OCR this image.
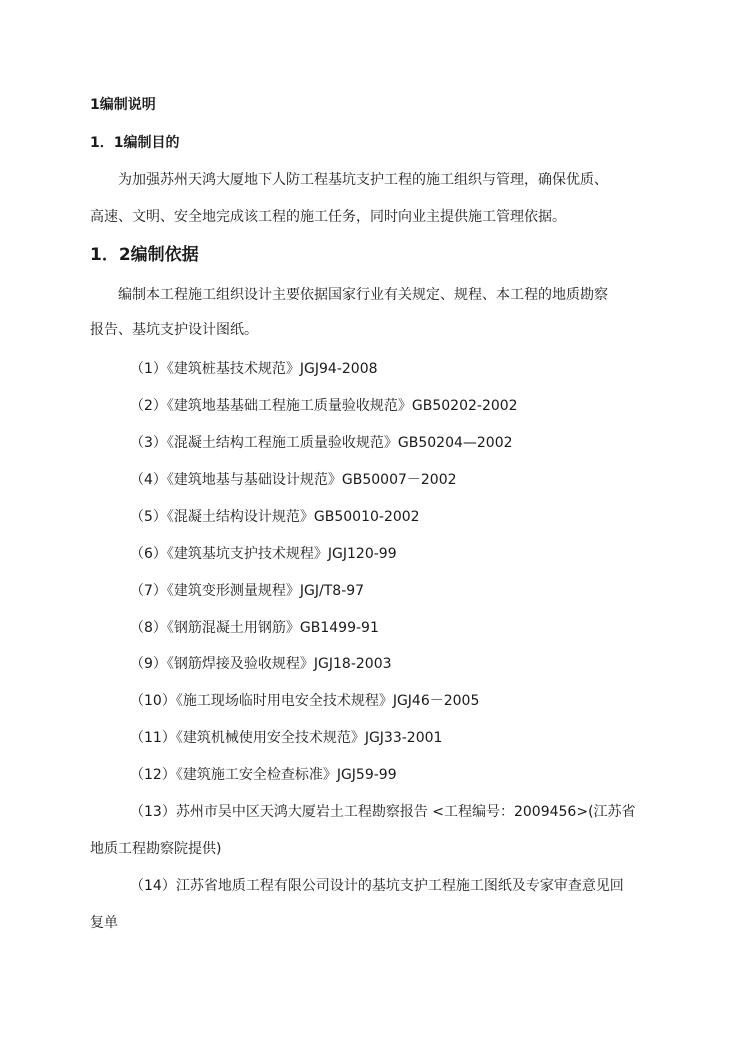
1编制说明
1．1编制目的
为加强苏州天鸿大厦地下人防工程基坑支护工程的施工组织与管理，确保优质、
高速、文明、安全地完成该工程的施工任务，同时向业主提供施工管理依据。
1．2编制依据
编制本工程施工组织设计主要依据国家行业有关规定、规程、本工程的地质勘察
报告、基坑支护设计图纸。
（1）《建筑桩基技术规范》JGJ94-2008
（2）《建筑地基基础工程施工质量验收规范》GB50202-2002
（3）《混凝土结构工程施工质量验收规范》GB50204—2002
（4）《建筑地基与基础设计规范》GB50007－2002
（5）《混凝土结构设计规范》GB50010-2002
（6）《建筑基坑支护技术规程》JGJ120-99
（7）《建筑变形测量规程》JGJ/T8-97
（8）《钢筋混凝土用钢筋》GB1499-91
（9）《钢筋焊接及验收规程》JGJ18-2003
（10）《施工现场临时用电安全技术规程》JGJ46－2005
（11）《建筑机械使用安全技术规范》JGJ33-2001
（12）《建筑施工安全检查标准》JGJ59-99
（13）苏州市吴中区天鸿大厦岩土工程勘察报告 <工程编号：2009456>(江苏省
地质工程勘察院提供)
（14）江苏省地质工程有限公司设计的基坑支护工程施工图纸及专家审查意见回
复单
